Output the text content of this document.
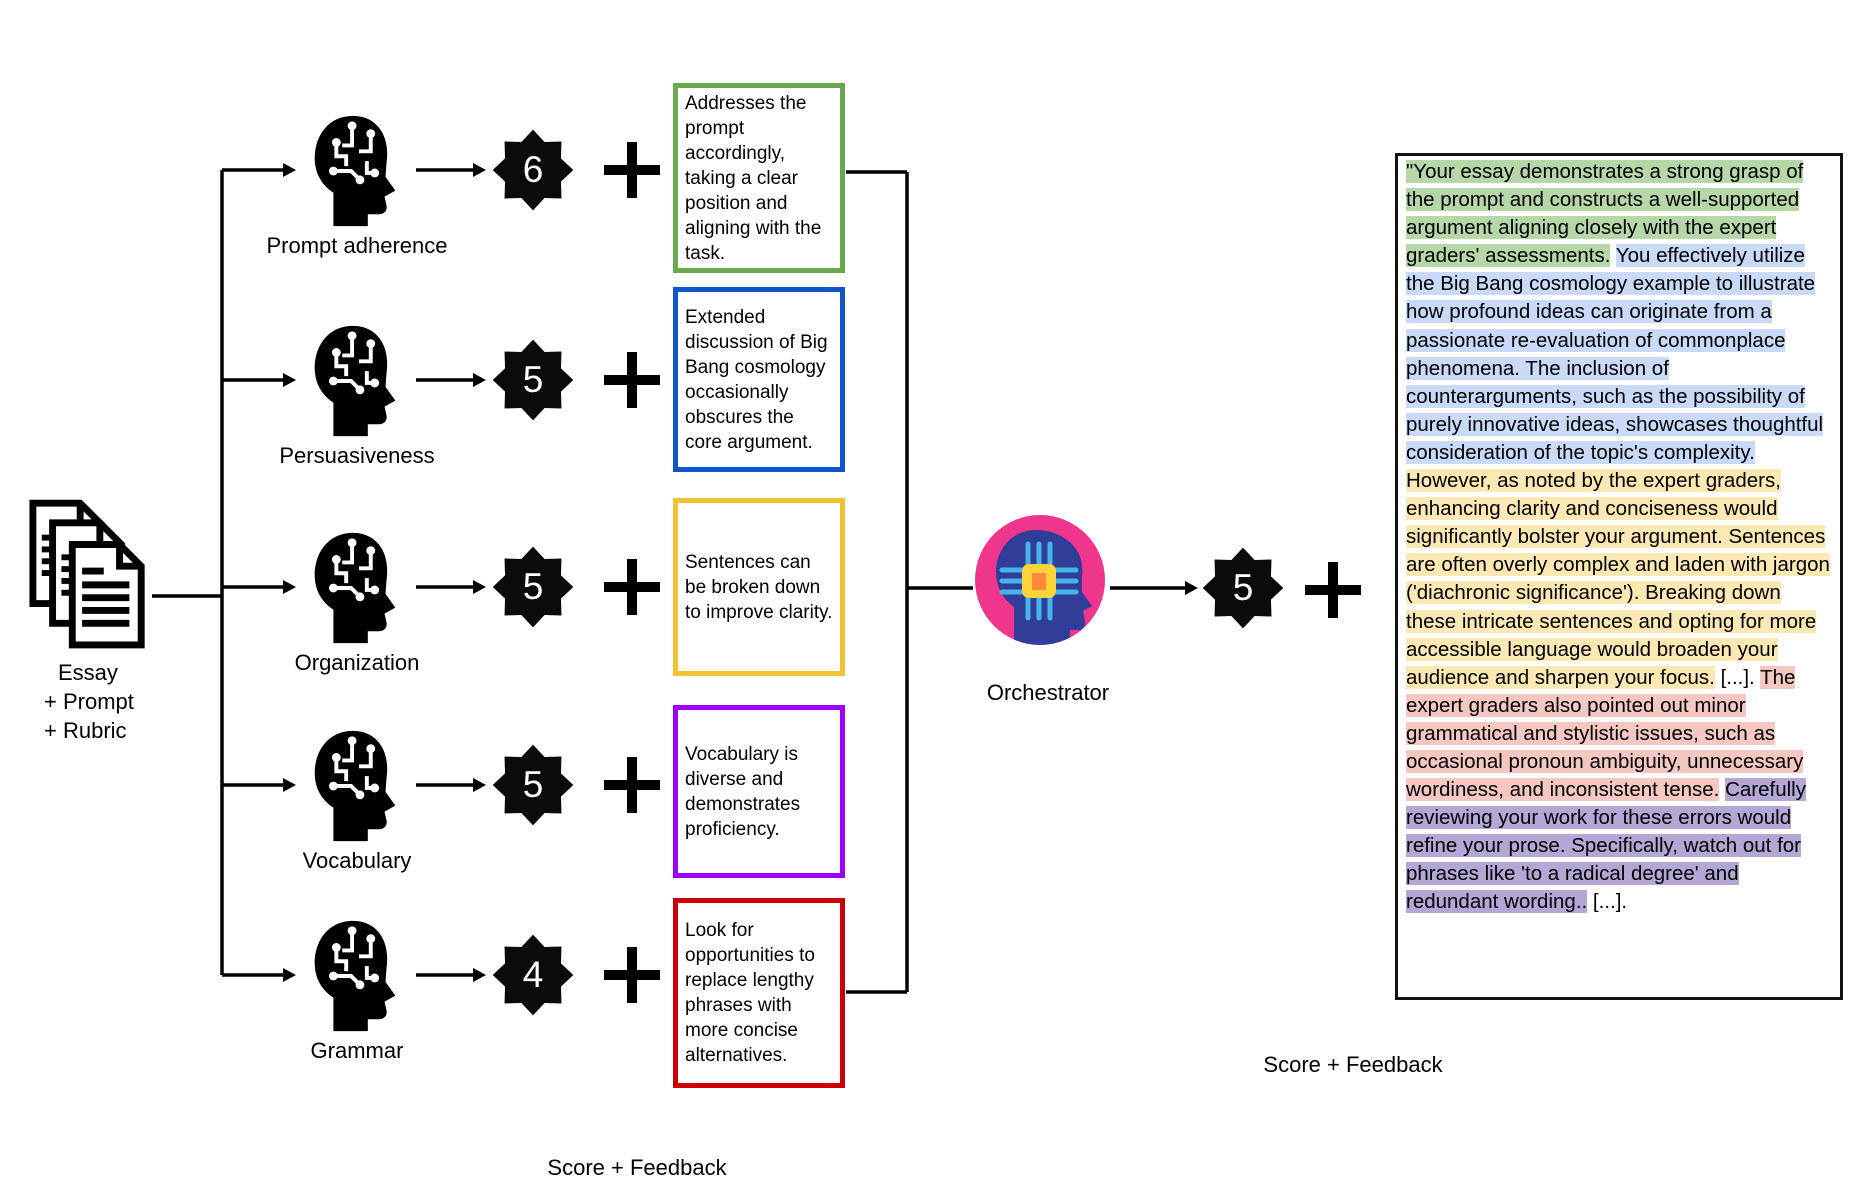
Essay
+ Prompt
+ Rubric
Prompt adherence
6
Addresses the prompt accordingly, taking a clear position and aligning with the task.
Persuasiveness
5
Extended discussion of Big Bang cosmology occasionally obscures the core argument.
Organization
5
Sentences can be broken down to improve clarity.
Vocabulary
5
Vocabulary is diverse and demonstrates proficiency.
Grammar
4
Look for opportunities to replace lengthy phrases with more concise alternatives.
Orchestrator
5

"Your essay demonstrates a strong grasp of the prompt and constructs a well-supported argument aligning closely with the expert graders' assessments. You effectively utilize the Big Bang cosmology example to illustrate how profound ideas can originate from a passionate re-evaluation of commonplace phenomena. The inclusion of counterarguments, such as the possibility of purely innovative ideas, showcases thoughtful consideration of the topic's complexity. However, as noted by the expert graders, enhancing clarity and conciseness would significantly bolster your argument. Sentences are often overly complex and laden with jargon ('diachronic significance'). Breaking down these intricate sentences and opting for more accessible language would broaden your audience and sharpen your focus. [...]. The expert graders also pointed out minor grammatical and stylistic issues, such as occasional pronoun ambiguity, unnecessary wordiness, and inconsistent tense. Carefully reviewing your work for these errors would refine your prose. Specifically, watch out for phrases like 'to a radical degree' and redundant wording.. [...].

Score + Feedback
Score + Feedback
